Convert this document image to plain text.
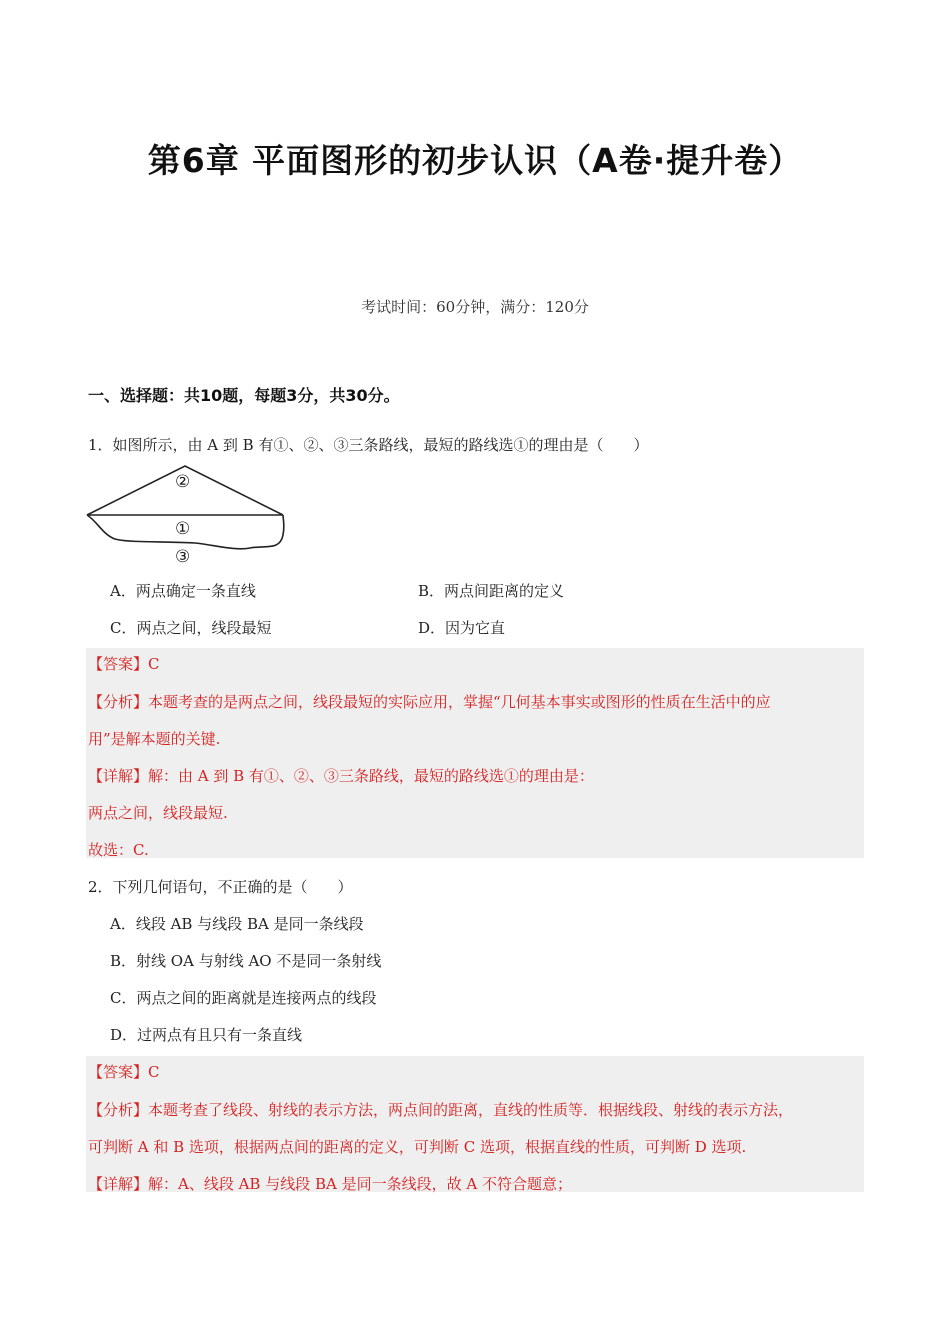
第6章 平面图形的初步认识（A卷·提升卷）
考试时间：60分钟，满分：120分
一、选择题：共10题，每题3分，共30分。
1．如图所示，由 A 到 B 有①、②、③三条路线，最短的路线选①的理由是（　　）
②
①
③
A．两点确定一条直线	B．两点间距离的定义
C．两点之间，线段最短	D．因为它直
【答案】C
【分析】本题考查的是两点之间，线段最短的实际应用，掌握“几何基本事实或图形的性质在生活中的应
用”是解本题的关键.
【详解】解：由 A 到 B 有①、②、③三条路线，最短的路线选①的理由是：
两点之间，线段最短.
故选：C.
2．下列几何语句，不正确的是（　　）
A．线段 AB 与线段 BA 是同一条线段
B．射线 OA 与射线 AO 不是同一条射线
C．两点之间的距离就是连接两点的线段
D．过两点有且只有一条直线
【答案】C
【分析】本题考查了线段、射线的表示方法，两点间的距离，直线的性质等．根据线段、射线的表示方法，
可判断 A 和 B 选项，根据两点间的距离的定义，可判断 C 选项，根据直线的性质，可判断 D 选项.
【详解】解：A、线段 AB 与线段 BA 是同一条线段，故 A 不符合题意；
